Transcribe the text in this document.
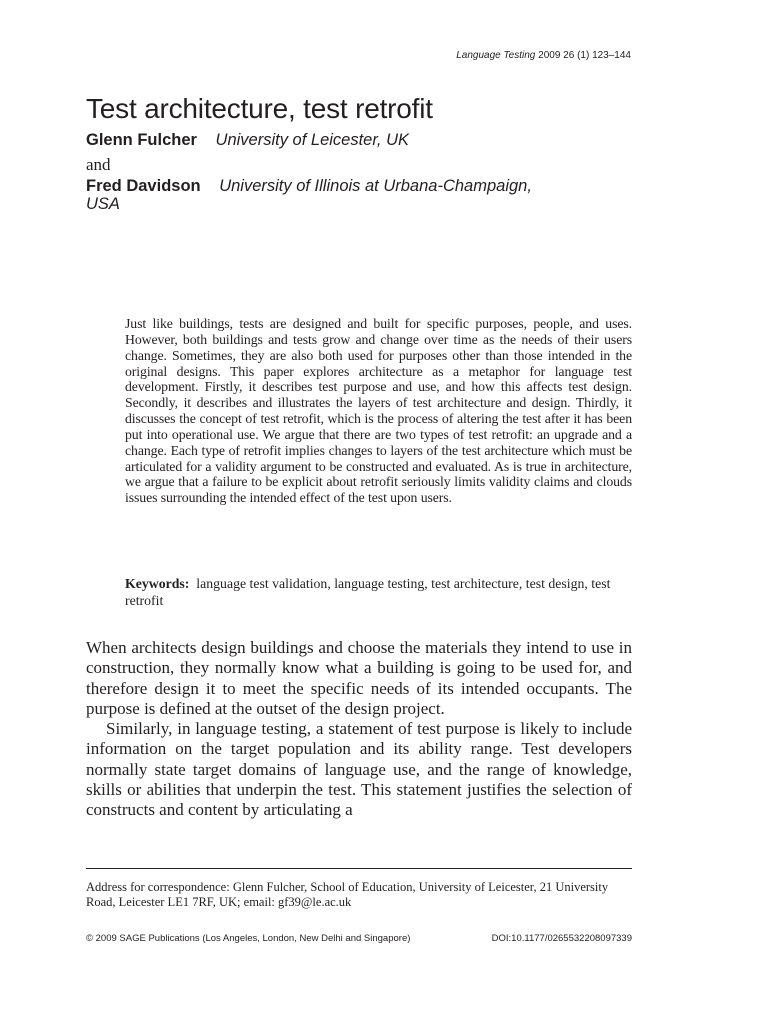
Language Testing 2009 26 (1) 123–144
Test architecture, test retrofit
Glenn Fulcher University of Leicester, UK
and
Fred Davidson University of Illinois at Urbana-Champaign,
USA

Just like buildings, tests are designed and built for specific purposes, people, and uses. However, both buildings and tests grow and change over time as the needs of their users change. Sometimes, they are also both used for purposes other than those intended in the original designs. This paper explores architecture as a metaphor for language test development. Firstly, it describes test purpose and use, and how this affects test design. Secondly, it describes and illustrates the layers of test architecture and design. Thirdly, it discusses the concept of test retrofit, which is the process of altering the test after it has been put into operational use. We argue that there are two types of test retrofit: an upgrade and a change. Each type of retrofit implies changes to layers of the test architecture which must be articulated for a validity argument to be constructed and evaluated. As is true in architecture, we argue that a failure to be explicit about retrofit seriously limits validity claims and clouds issues surrounding the intended effect of the test upon users.

Keywords: language test validation, language testing, test architecture, test design, test retrofit

When architects design buildings and choose the materials they intend to use in construction, they normally know what a building is going to be used for, and therefore design it to meet the specific needs of its intended occupants. The purpose is defined at the outset of the design project.

Similarly, in language testing, a statement of test purpose is likely to include information on the target population and its ability range. Test developers normally state target domains of language use, and the range of knowledge, skills or abilities that underpin the test. This statement justifies the selection of constructs and content by articulating a

Address for correspondence: Glenn Fulcher, School of Education, University of Leicester, 21 University Road, Leicester LE1 7RF, UK; email: gf39@le.ac.uk

© 2009 SAGE Publications (Los Angeles, London, New Delhi and Singapore)	DOI:10.1177/0265532208097339
